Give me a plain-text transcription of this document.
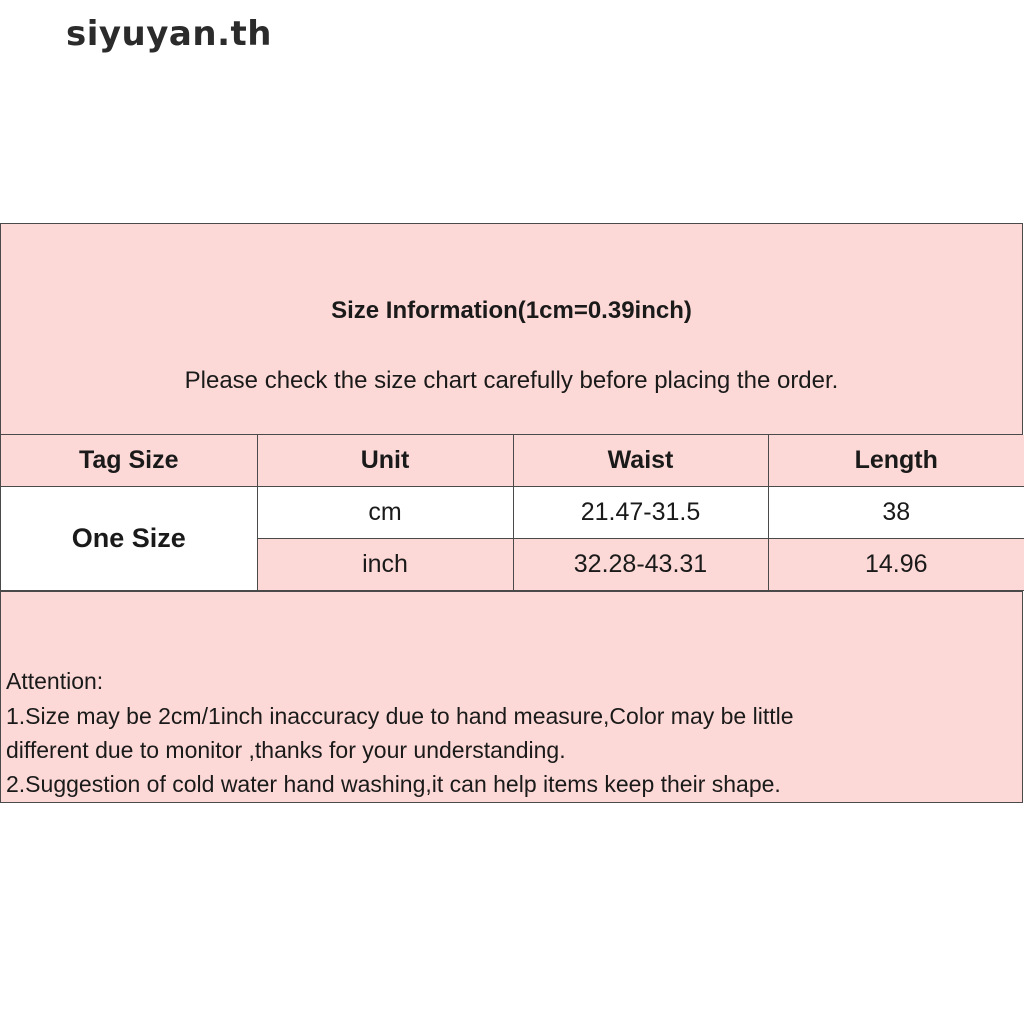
siyuyan.th
Size Information(1cm=0.39inch)
Please check the size chart carefully before placing the order.
Tag Size	Unit	Waist	Length
One Size	cm	21.47-31.5	38
	inch	32.28-43.31	14.96
Attention:
1.Size may be 2cm/1inch inaccuracy due to hand measure,Color may be little
different due to monitor ,thanks for your understanding.
2.Suggestion of cold water hand washing,it can help items keep their shape.
